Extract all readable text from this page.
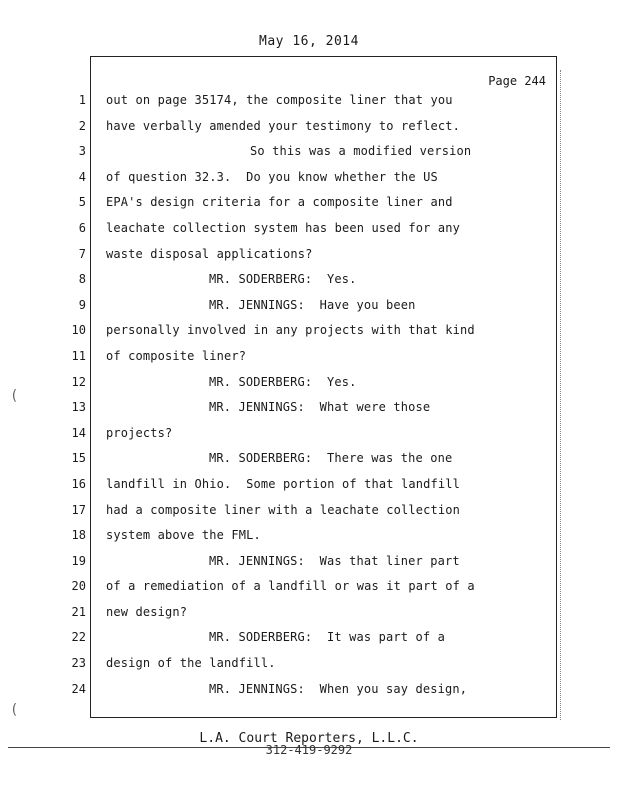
May 16, 2014
Page 244
1
2
3
4
5
6
7
8
9
10
11
12
13
14
15
16
17
18
19
20
21
22
23
24
out on page 35174, the composite liner that you
have verbally amended your testimony to reflect.
So this was a modified version
of question 32.3.  Do you know whether the US
EPA's design criteria for a composite liner and
leachate collection system has been used for any
waste disposal applications?
MR. SODERBERG:  Yes.
MR. JENNINGS:  Have you been
personally involved in any projects with that kind
of composite liner?
MR. SODERBERG:  Yes.
MR. JENNINGS:  What were those
projects?
MR. SODERBERG:  There was the one
landfill in Ohio.  Some portion of that landfill
had a composite liner with a leachate collection
system above the FML.
MR. JENNINGS:  Was that liner part
of a remediation of a landfill or was it part of a
new design?
MR. SODERBERG:  It was part of a
design of the landfill.
MR. JENNINGS:  When you say design,
(
(
L.A. Court Reporters, L.L.C.
312-419-9292
